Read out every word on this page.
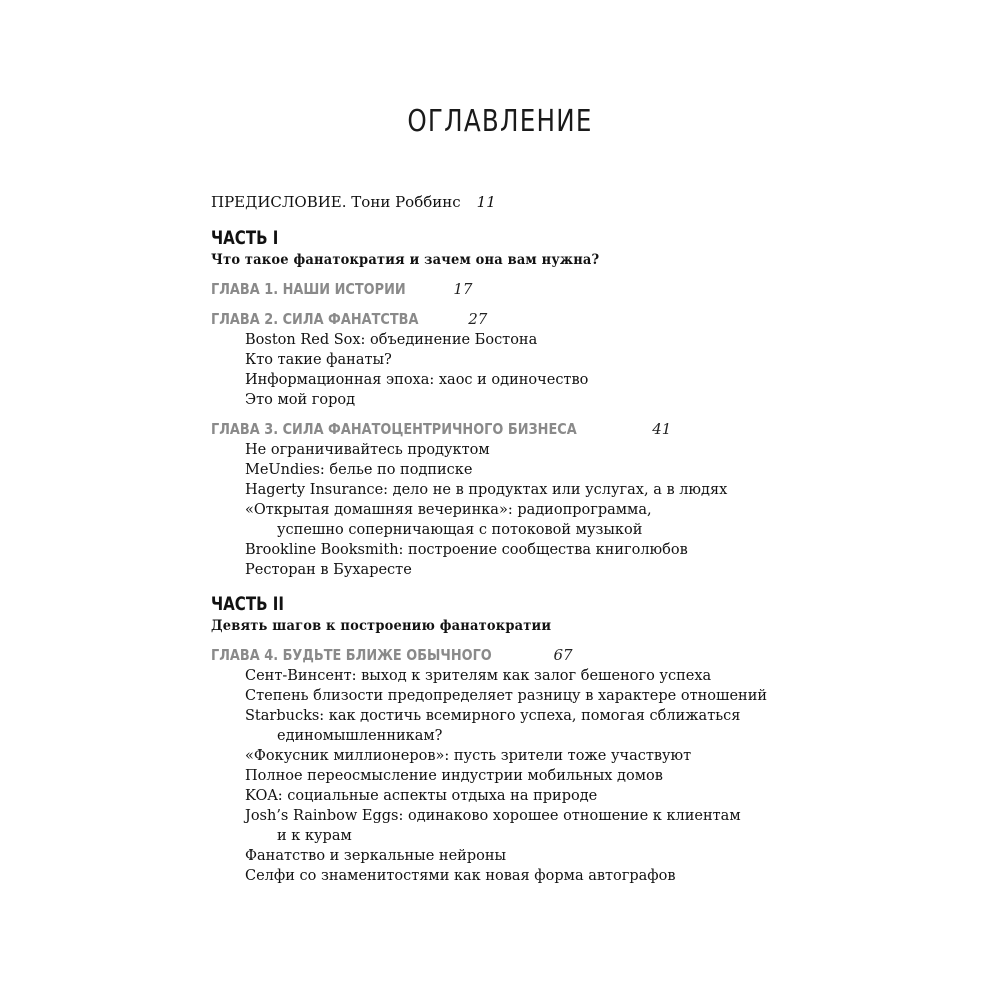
ОГЛАВЛЕНИЕ
ПРЕДИСЛОВИЕ. Тони Роббинс 11
ЧАСТЬ I
Что такое фанатократия и зачем она вам нужна?
ГЛАВА 1. НАШИ ИСТОРИИ	17
ГЛАВА 2. СИЛА ФАНАТСТВА	27
Boston Red Sox: объединение Бостона
Кто такие фанаты?
Информационная эпоха: хаос и одиночество
Это мой город
ГЛАВА 3. СИЛА ФАНАТОЦЕНТРИЧНОГО БИЗНЕСА	41
Не ограничивайтесь продуктом
MeUndies: белье по подписке
Hagerty Insurance: дело не в продуктах или услугах, а в людях
«Открытая домашняя вечеринка»: радиопрограмма,
успешно соперничающая с потоковой музыкой
Brookline Booksmith: построение сообщества книголюбов
Ресторан в Бухаресте
ЧАСТЬ II
Девять шагов к построению фанатократии
ГЛАВА 4. БУДЬТЕ БЛИЖЕ ОБЫЧНОГО	67
Сент-Винсент: выход к зрителям как залог бешеного успеха
Степень близости предопределяет разницу в характере отношений
Starbucks: как достичь всемирного успеха, помогая сближаться
единомышленникам?
«Фокусник миллионеров»: пусть зрители тоже участвуют
Полное переосмысление индустрии мобильных домов
KOA: социальные аспекты отдыха на природе
Josh’s Rainbow Eggs: одинаково хорошее отношение к клиентам
и к курам
Фанатство и зеркальные нейроны
Селфи со знаменитостями как новая форма автографов
